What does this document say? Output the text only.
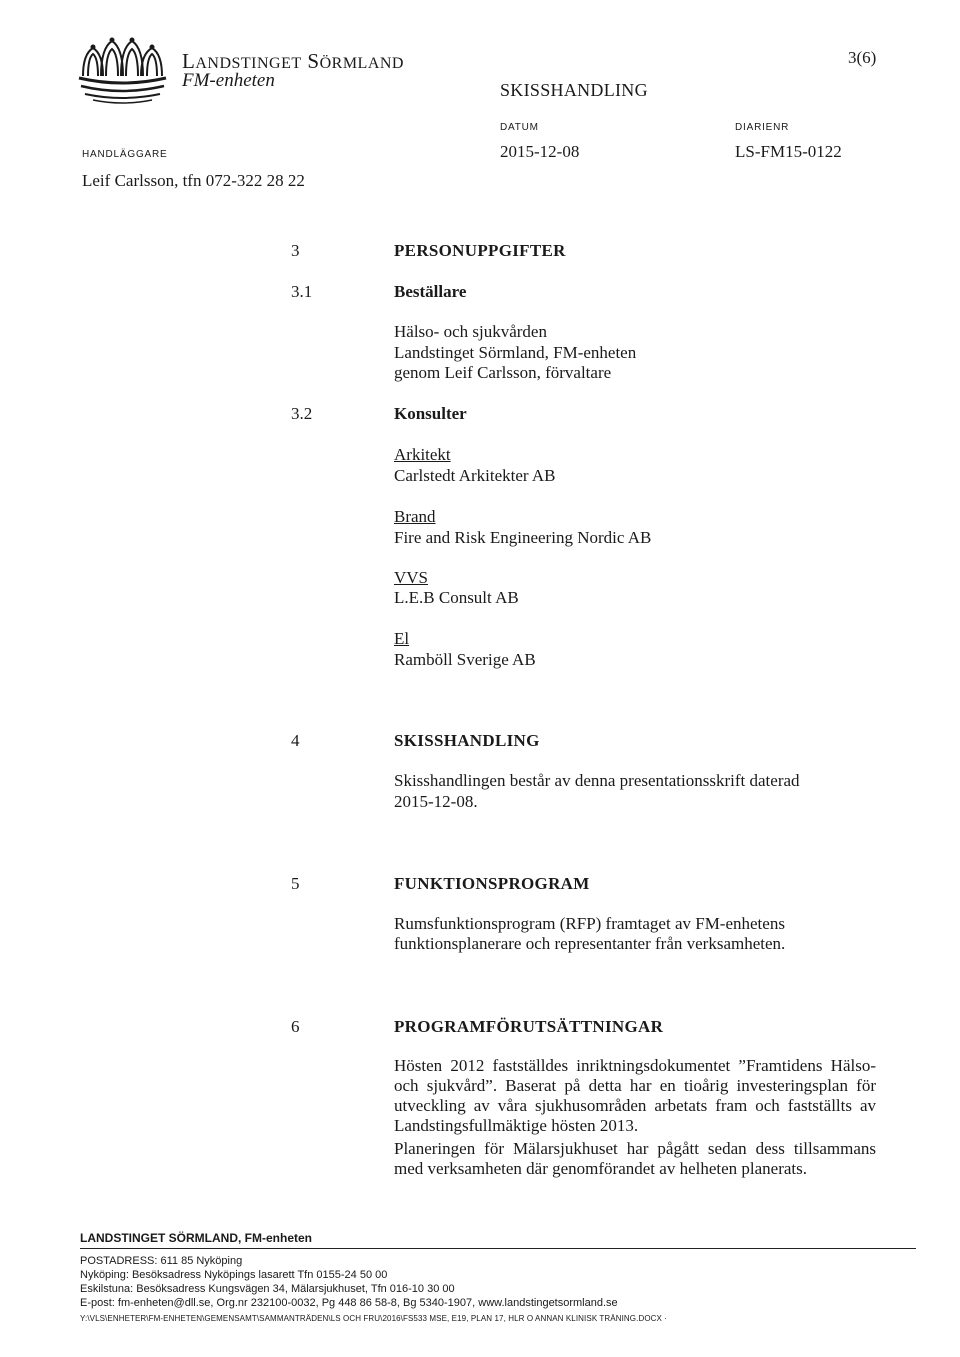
LANDSTINGET SÖRMLAND
FM-enheten
3(6)
SKISSHANDLING
DATUM
2015-12-08
DIARIENR
LS-FM15-0122
HANDLÄGGARE
Leif Carlsson, tfn 072-322 28 22
3	PERSONUPPGIFTER
3.1	Beställare
Hälso- och sjukvården
Landstinget Sörmland, FM-enheten
genom Leif Carlsson, förvaltare
3.2	Konsulter
Arkitekt
Carlstedt Arkitekter AB
Brand
Fire and Risk Engineering Nordic AB
VVS
L.E.B Consult AB
El
Ramböll Sverige AB
4	SKISSHANDLING
Skisshandlingen består av denna presentationsskrift daterad
2015-12-08.
5	FUNKTIONSPROGRAM
Rumsfunktionsprogram (RFP) framtaget av FM-enhetens
funktionsplanerare och representanter från verksamheten.
6	PROGRAMFÖRUTSÄTTNINGAR
Hösten 2012 fastställdes inriktningsdokumentet ”Framtidens Hälso- och sjukvård”. Baserat på detta har en tioårig investeringsplan för utveckling av våra sjukhusområden arbetats fram och fastställts av Landstingsfullmäktige hösten 2013.
Planeringen för Mälarsjukhuset har pågått sedan dess tillsammans med verksamheten där genomförandet av helheten planerats.
LANDSTINGET SÖRMLAND, FM-enheten
POSTADRESS: 611 85 Nyköping
Nyköping: Besöksadress Nyköpings lasarett Tfn 0155-24 50 00
Eskilstuna: Besöksadress Kungsvägen 34, Mälarsjukhuset, Tfn 016-10 30 00
E-post: fm-enheten@dll.se, Org.nr 232100-0032, Pg 448 86 58-8, Bg 5340-1907, www.landstingetsormland.se
Y:\VLS\ENHETER\FM-ENHETEN\GEMENSAMT\SAMMANTRÄDEN\LS OCH FRU\2016\FS533 MSE, E19, PLAN 17, HLR O ANNAN KLINISK TRÄNING.DOCX ·
